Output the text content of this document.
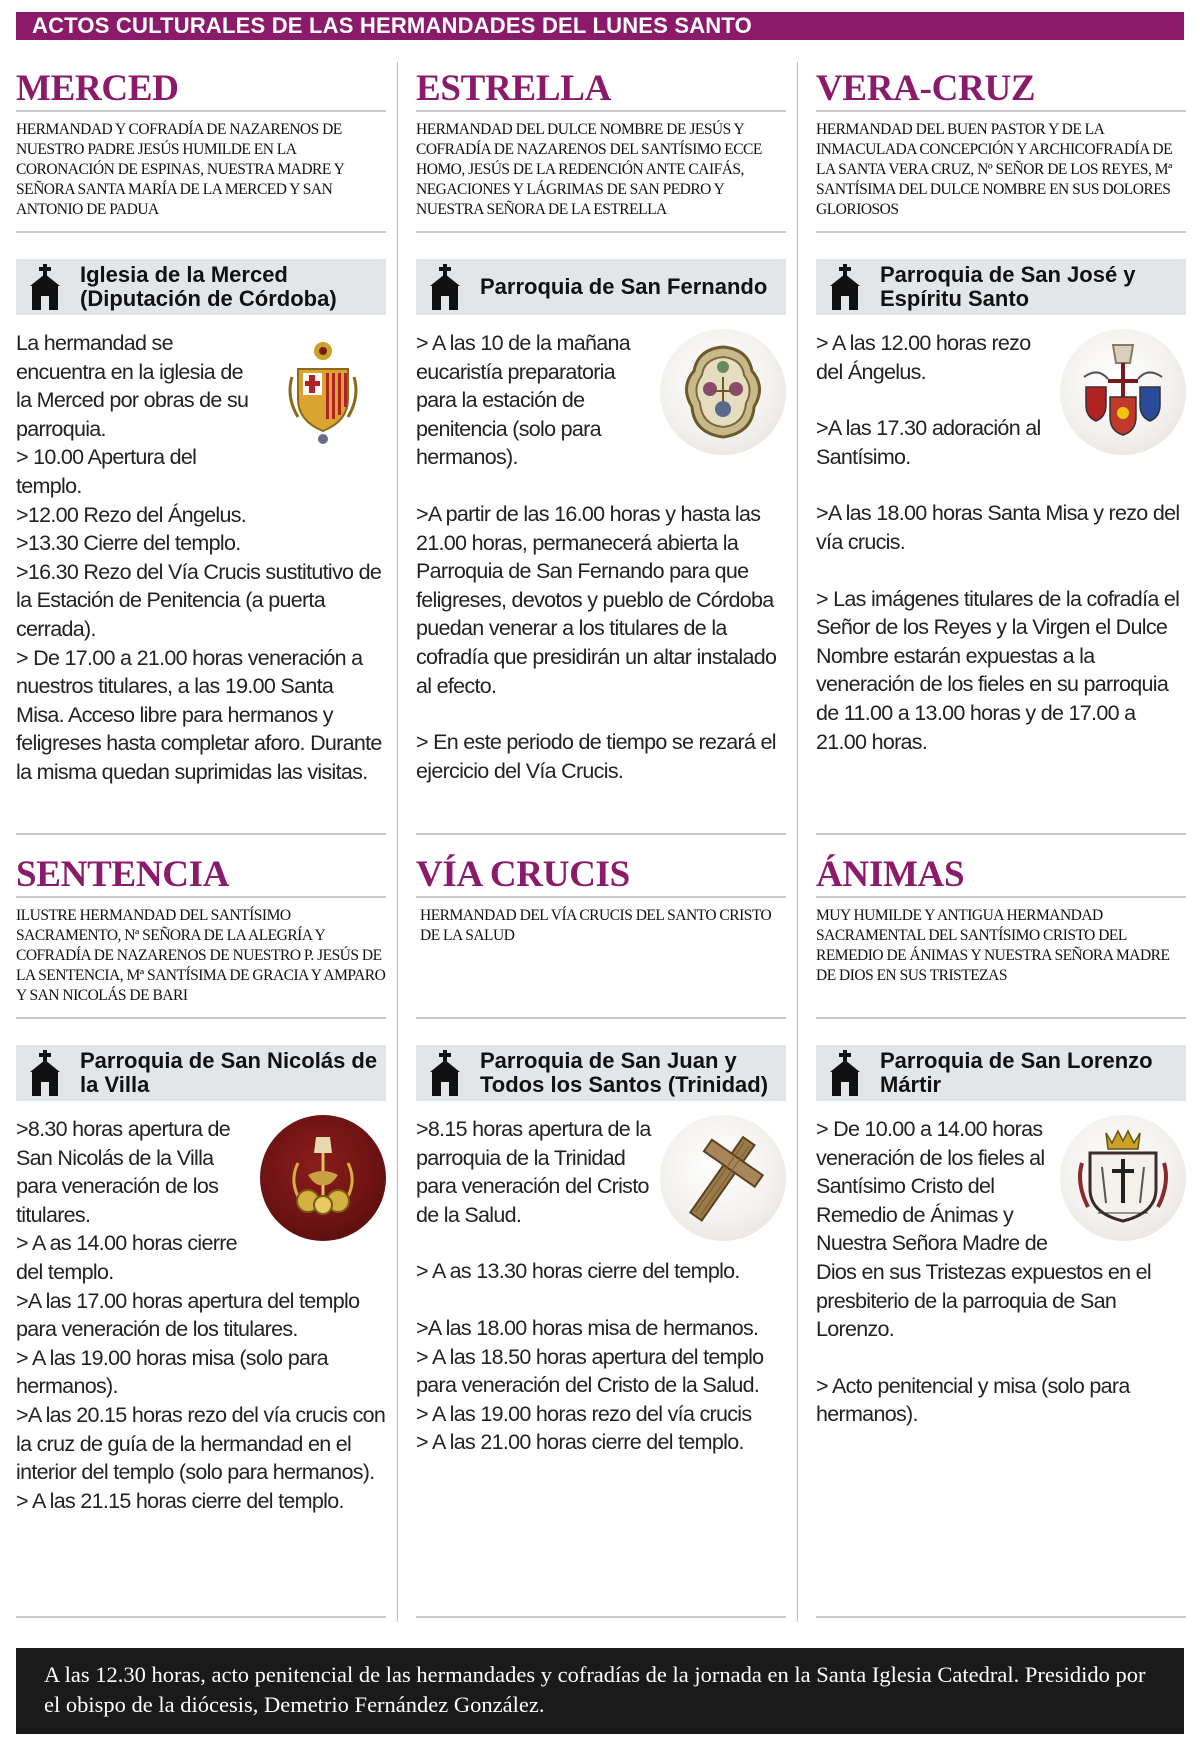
ACTOS CULTURALES DE LAS HERMANDADES DEL LUNES SANTO
MERCED
HERMANDAD Y COFRADÍA DE NAZARENOS DE NUESTRO PADRE JESÚS HUMILDE EN LA CORONACIÓN DE ESPINAS, NUESTRA MADRE Y SEÑORA SANTA MARÍA DE LA MERCED Y SAN ANTONIO DE PADUA
Iglesia de la Merced (Diputación de Córdoba)

La hermandad se encuentra en la iglesia de la Merced por obras de su parroquia.
> 10.00 Apertura del templo.
>12.00 Rezo del Ángelus.
>13.30 Cierre del templo.
>16.30 Rezo del Vía Crucis sustitutivo de la Estación de Penitencia (a puerta cerrada).
> De 17.00 a 21.00 horas veneración a nuestros titulares, a las 19.00 Santa Misa. Acceso libre para hermanos y feligreses hasta completar aforo. Durante la misma quedan suprimidas las visitas.

ESTRELLA
HERMANDAD DEL DULCE NOMBRE DE JESÚS Y COFRADÍA DE NAZARENOS DEL SANTÍSIMO ECCE HOMO, JESÚS DE LA REDENCIÓN ANTE CAIFÁS, NEGACIONES Y LÁGRIMAS DE SAN PEDRO Y NUESTRA SEÑORA DE LA ESTRELLA
Parroquia de San Fernando

> A las 10 de la mañana eucaristía preparatoria para la estación de penitencia (solo para hermanos).

>A partir de las 16.00 horas y hasta las 21.00 horas, permanecerá abierta la Parroquia de San Fernando para que feligreses, devotos y pueblo de Córdoba puedan venerar a los titulares de la cofradía que presidirán un altar instalado al efecto.

> En este periodo de tiempo se rezará el ejercicio del Vía Crucis.

VERA-CRUZ
HERMANDAD DEL BUEN PASTOR Y DE LA INMACULADA CONCEPCIÓN Y ARCHICOFRADÍA DE LA SANTA VERA CRUZ, Nº SEÑOR DE LOS REYES, Mª SANTÍSIMA DEL DULCE NOMBRE EN SUS DOLORES GLORIOSOS
Parroquia de San José y Espíritu Santo

> A las 12.00 horas rezo del Ángelus.

>A las 17.30 adoración al Santísimo.

>A las 18.00 horas Santa Misa y rezo del vía crucis.

> Las imágenes titulares de la cofradía el Señor de los Reyes y la Virgen el Dulce Nombre estarán expuestas a la veneración de los fieles en su parroquia de 11.00 a 13.00 horas y de 17.00 a 21.00 horas.

SENTENCIA
ILUSTRE HERMANDAD DEL SANTÍSIMO SACRAMENTO, Nª SEÑORA DE LA ALEGRÍA Y COFRADÍA DE NAZARENOS DE NUESTRO P. JESÚS DE LA SENTENCIA, Mª SANTÍSIMA DE GRACIA Y AMPARO Y SAN NICOLÁS DE BARI
Parroquia de San Nicolás de la Villa

>8.30 horas apertura de San Nicolás de la Villa para veneración de los titulares.
> A as 14.00 horas cierre del templo.
>A las 17.00 horas apertura del templo para veneración de los titulares.
> A las 19.00 horas misa (solo para hermanos).
>A las 20.15 horas rezo del vía crucis con la cruz de guía de la hermandad en el interior del templo (solo para hermanos).
> A las 21.15 horas cierre del templo.

VÍA CRUCIS
HERMANDAD DEL VÍA CRUCIS DEL SANTO CRISTO DE LA SALUD
Parroquia de San Juan y Todos los Santos (Trinidad)

>8.15 horas apertura de la parroquia de la Trinidad para veneración del Cristo de la Salud.

> A as 13.30 horas cierre del templo.

>A las 18.00 horas misa de hermanos.
> A las 18.50 horas apertura del templo para veneración del Cristo de la Salud.
> A las 19.00 horas rezo del vía crucis
> A las 21.00 horas cierre del templo.

ÁNIMAS
MUY HUMILDE Y ANTIGUA HERMANDAD SACRAMENTAL DEL SANTÍSIMO CRISTO DEL REMEDIO DE ÁNIMAS Y NUESTRA SEÑORA MADRE DE DIOS EN SUS TRISTEZAS
Parroquia de San Lorenzo Mártir

> De 10.00 a 14.00 horas veneración de los fieles al Santísimo Cristo del Remedio de Ánimas y Nuestra Señora Madre de Dios en sus Tristezas expuestos en el presbiterio de la parroquia de San Lorenzo.

> Acto penitencial y misa (solo para hermanos).

A las 12.30 horas, acto penitencial de las hermandades y cofradías de la jornada en la Santa Iglesia Catedral. Presidido por el obispo de la diócesis, Demetrio Fernández González.
